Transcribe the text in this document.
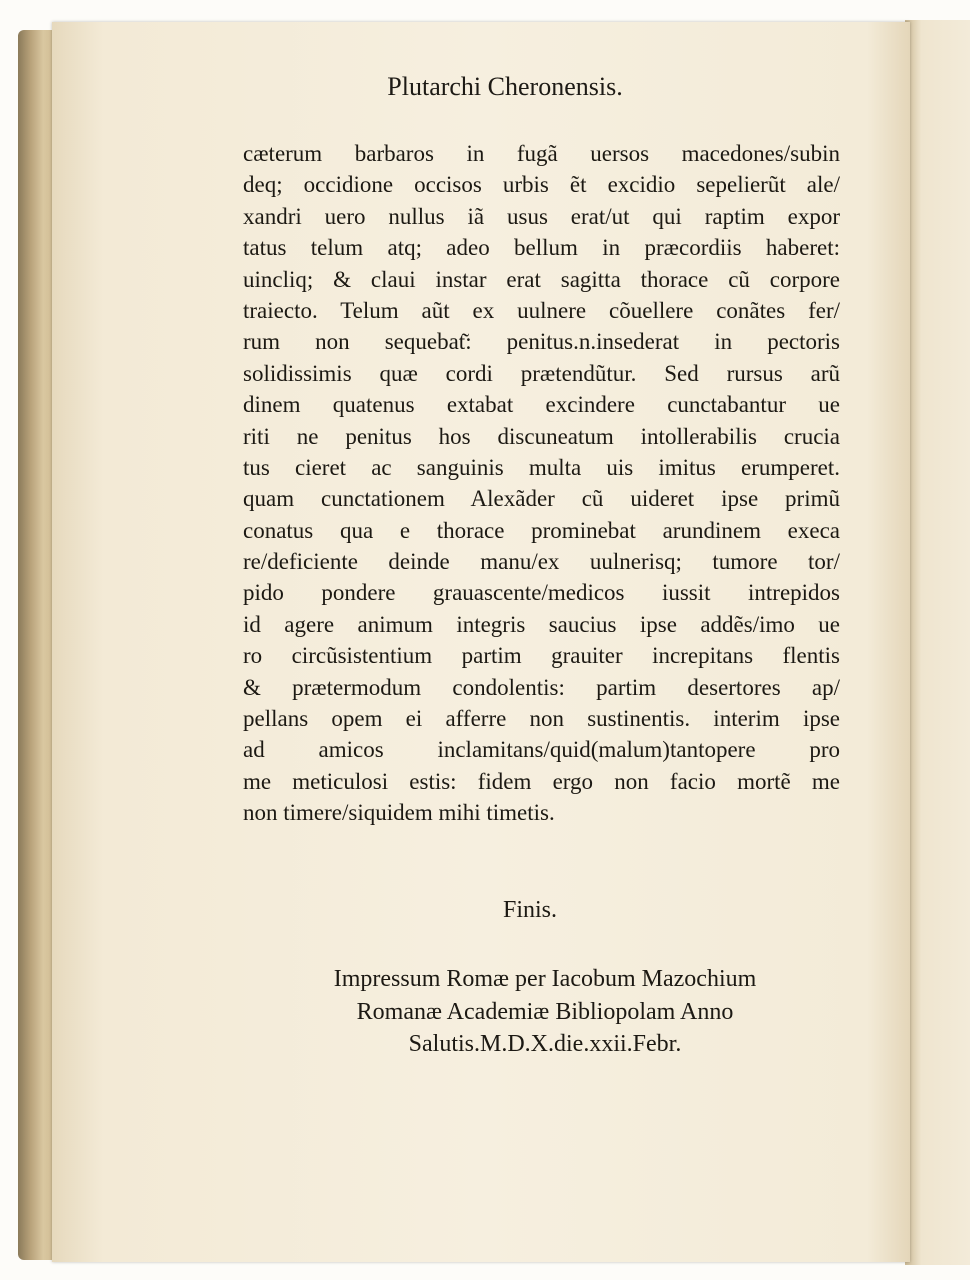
Plutarchi Cheronensis.
cæterum barbaros in fugã uersos macedones/subin
deq; occidione occisos urbis ẽt excidio sepelierũt ale/
xandri uero nullus iã usus erat/ut qui raptim expor
tatus telum atq; adeo bellum in præcordiis haberet:
uincliq; & claui instar erat sagitta thorace cũ corpore
traiecto. Telum aũt ex uulnere cõuellere conãtes fer/
rum non sequebat͂: penitus.n.insederat in pectoris
solidissimis quæ cordi prætendũtur. Sed rursus arũ
dinem quatenus extabat excindere cunctabantur ue
riti ne penitus hos discuneatum intollerabilis crucia
tus cieret ac sanguinis multa uis imitus erumperet.
quam cunctationem Alexãder cũ uideret ipse primũ
conatus qua e thorace prominebat arundinem execa
re/deficiente deinde manu/ex uulnerisq; tumore tor/
pido pondere grauascente/medicos iussit intrepidos
id agere animum integris saucius ipse addẽs/imo ue
ro circũsistentium partim grauiter increpitans flentis
& prætermodum condolentis: partim desertores ap/
pellans opem ei afferre non sustinentis. interim ipse
ad amicos inclamitans/quid(malum)tantopere pro
me meticulosi estis: fidem ergo non facio mortẽ me
non timere/siquidem mihi timetis.
Finis.
Impressum Romæ per Iacobum Mazochium
Romanæ Academiæ Bibliopolam Anno
Salutis.M.D.X.die.xxii.Febr.
